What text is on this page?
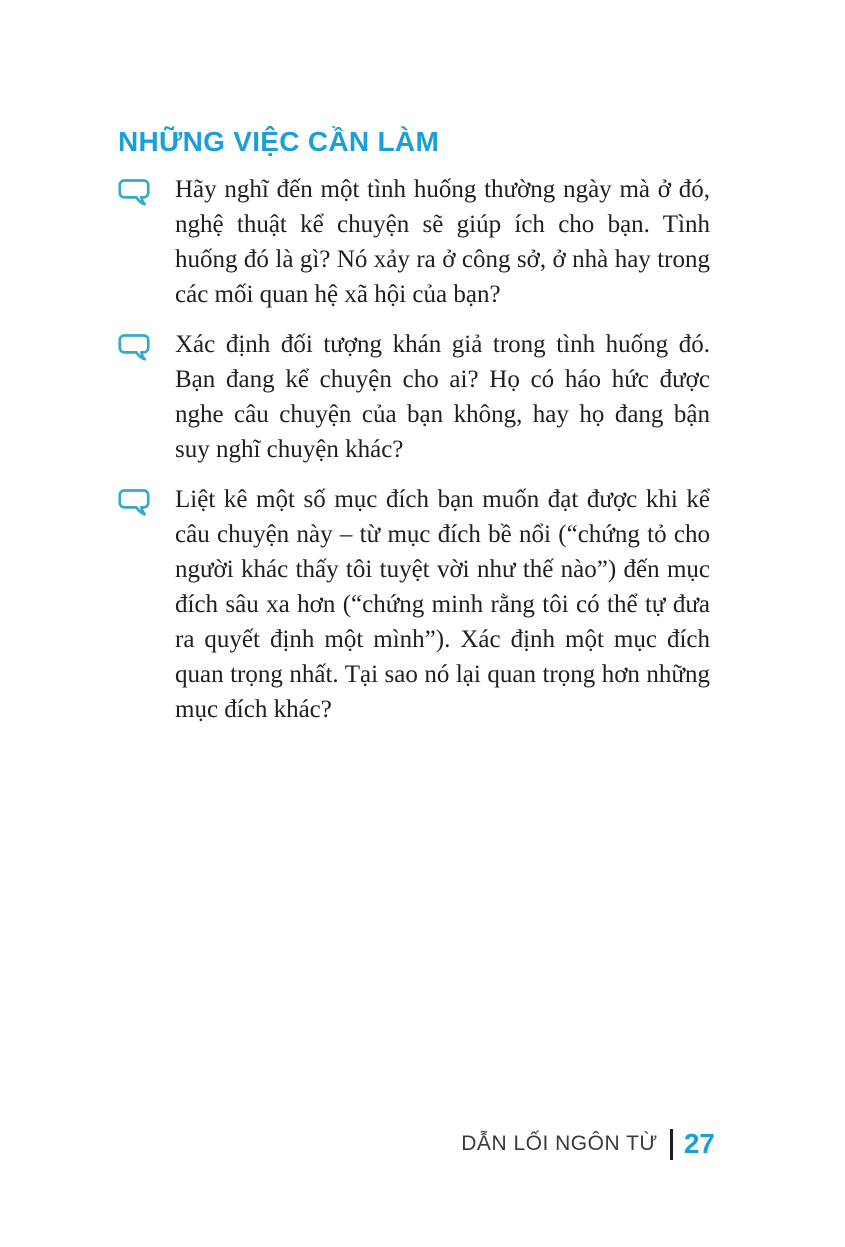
NHỮNG VIỆC CẦN LÀM

Hãy nghĩ đến một tình huống thường ngày mà ở đó, nghệ thuật kể chuyện sẽ giúp ích cho bạn. Tình huống đó là gì? Nó xảy ra ở công sở, ở nhà hay trong các mối quan hệ xã hội của bạn?

Xác định đối tượng khán giả trong tình huống đó. Bạn đang kể chuyện cho ai? Họ có háo hức được nghe câu chuyện của bạn không, hay họ đang bận suy nghĩ chuyện khác?

Liệt kê một số mục đích bạn muốn đạt được khi kể câu chuyện này – từ mục đích bề nổi (“chứng tỏ cho người khác thấy tôi tuyệt vời như thế nào”) đến mục đích sâu xa hơn (“chứng minh rằng tôi có thể tự đưa ra quyết định một mình”). Xác định một mục đích quan trọng nhất. Tại sao nó lại quan trọng hơn những mục đích khác?

DẪN LỐI NGÔN TỪ 27
